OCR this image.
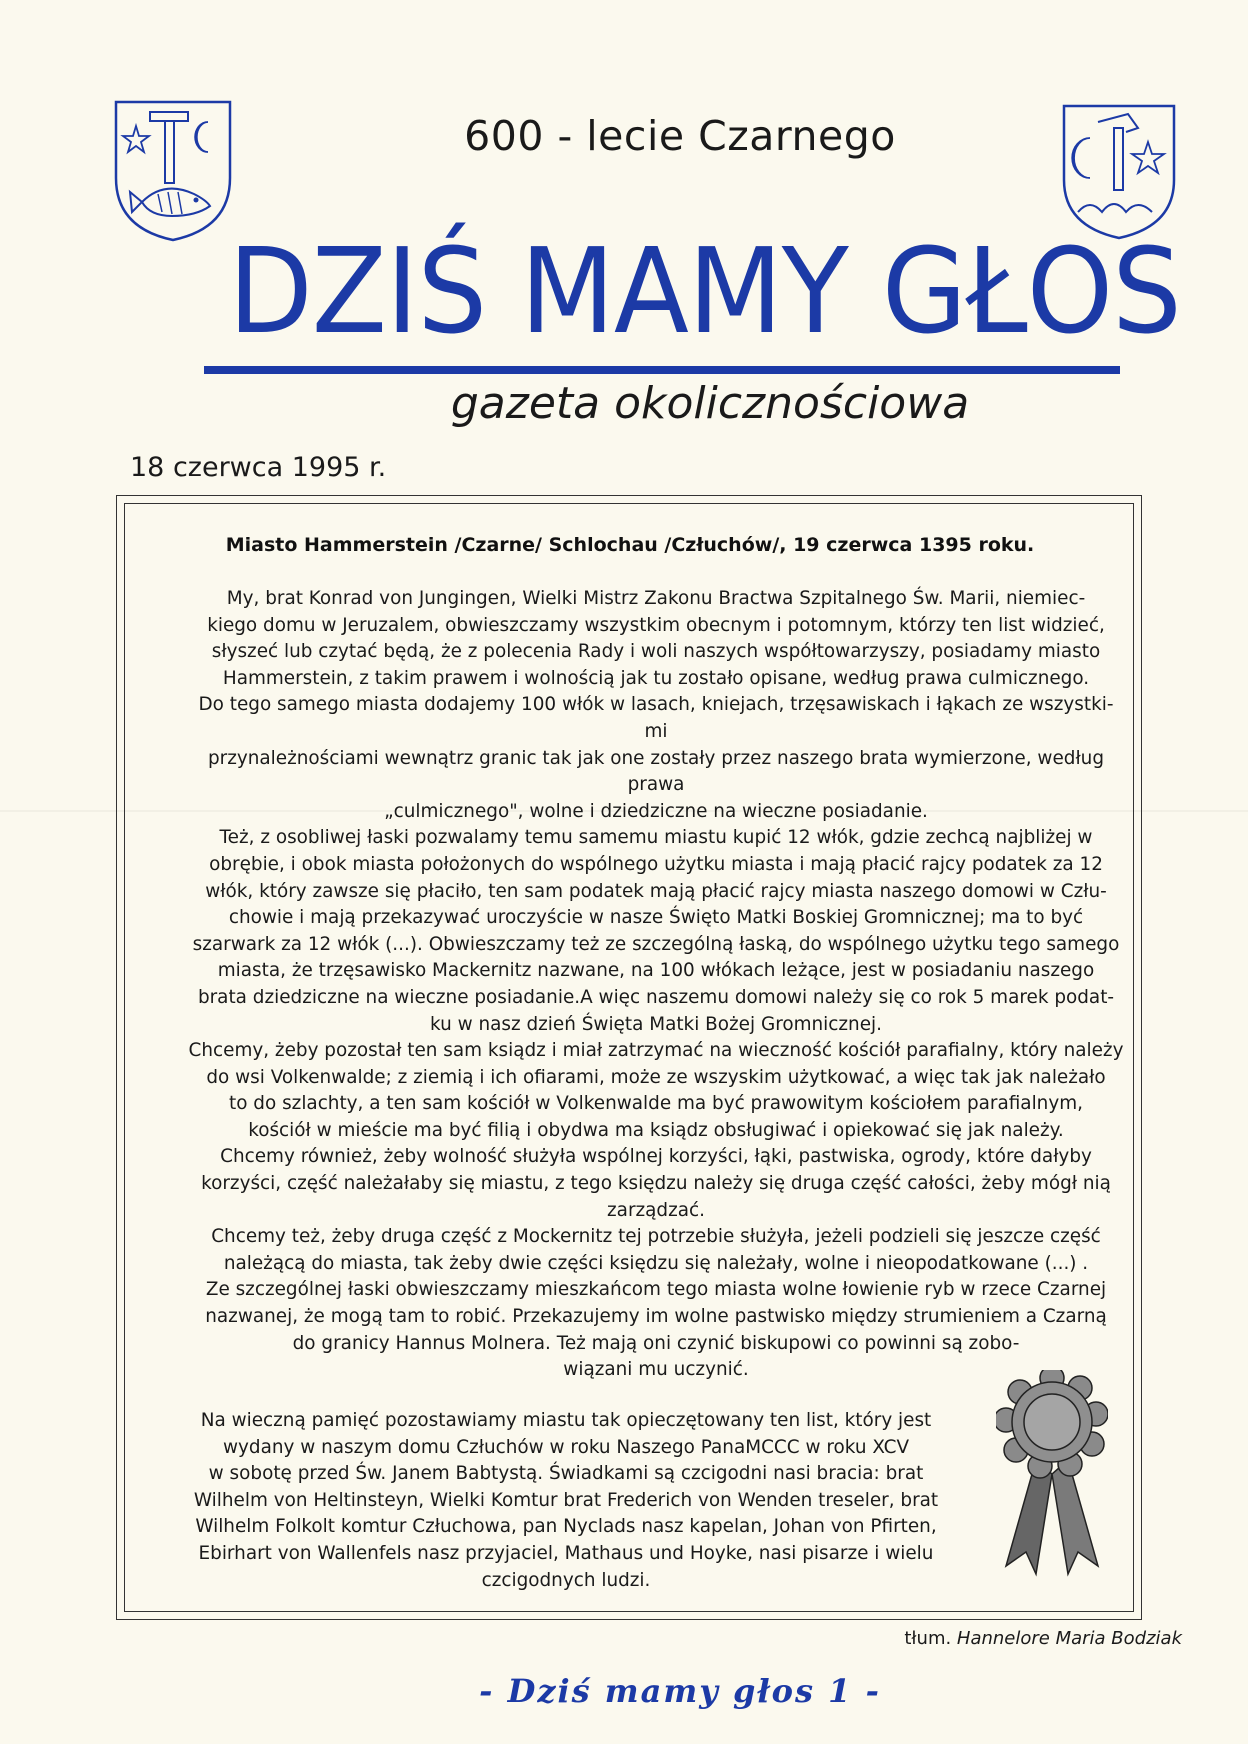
600 - lecie Czarnego
DZIŚ MAMY GŁOS
gazeta okolicznościowa
18 czerwca 1995 r.
Miasto Hammerstein /Czarne/ Schlochau /Człuchów/, 19 czerwca 1395 roku.
My, brat Konrad von Jungingen, Wielki Mistrz Zakonu Bractwa Szpitalnego Św. Marii, niemiec-
kiego domu w Jeruzalem, obwieszczamy wszystkim obecnym i potomnym, którzy ten list widzieć,
słyszeć lub czytać będą, że z polecenia Rady i woli naszych współtowarzyszy, posiadamy miasto
Hammerstein, z takim prawem i wolnością jak tu zostało opisane, według prawa culmicznego.
Do tego samego miasta dodajemy 100 włók w lasach, kniejach, trzęsawiskach i łąkach ze wszystki-
mi
przynależnościami wewnątrz granic tak jak one zostały przez naszego brata wymierzone, według
prawa
„culmicznego", wolne i dziedziczne na wieczne posiadanie.
Też, z osobliwej łaski pozwalamy temu samemu miastu kupić 12 włók, gdzie zechcą najbliżej w
obrębie, i obok miasta położonych do wspólnego użytku miasta i mają płacić rajcy podatek za 12
włók, który zawsze się płaciło, ten sam podatek mają płacić rajcy miasta naszego domowi w Człu-
chowie i mają przekazywać uroczyście w nasze Święto Matki Boskiej Gromnicznej; ma to być
szarwark za 12 włók (...). Obwieszczamy też ze szczególną łaską, do wspólnego użytku tego samego
miasta, że trzęsawisko Mackernitz nazwane, na 100 włókach leżące, jest w posiadaniu naszego
brata dziedziczne na wieczne posiadanie.A więc naszemu domowi należy się co rok 5 marek podat-
ku w nasz dzień Święta Matki Bożej Gromnicznej.
Chcemy, żeby pozostał ten sam ksiądz i miał zatrzymać na wieczność kościół parafialny, który należy
do wsi Volkenwalde; z ziemią i ich ofiarami, może ze wszyskim użytkować, a więc tak jak należało
to do szlachty, a ten sam kościół w Volkenwalde ma być prawowitym kościołem parafialnym,
kościół w mieście ma być filią i obydwa ma ksiądz obsługiwać i opiekować się jak należy.
Chcemy również, żeby wolność służyła wspólnej korzyści, łąki, pastwiska, ogrody, które dałyby
korzyści, część należałaby się miastu, z tego księdzu należy się druga część całości, żeby mógł nią
zarządzać.
Chcemy też, żeby druga część z Mockernitz tej potrzebie służyła, jeżeli podzieli się jeszcze część
należącą do miasta, tak żeby dwie części księdzu się należały, wolne i nieopodatkowane (...) .
Ze szczególnej łaski obwieszczamy mieszkańcom tego miasta wolne łowienie ryb w rzece Czarnej
nazwanej, że mogą tam to robić. Przekazujemy im wolne pastwisko między strumieniem a Czarną
do granicy Hannus Molnera. Też mają oni czynić biskupowi co powinni są zobo-
wiązani mu uczynić.
Na wieczną pamięć pozostawiamy miastu tak opieczętowany ten list, który jest
wydany w naszym domu Człuchów w roku Naszego PanaMCCC w roku XCV
w sobotę przed Św. Janem Babtystą. Świadkami są czcigodni nasi bracia: brat
Wilhelm von Heltinsteyn, Wielki Komtur brat Frederich von Wenden treseler, brat
Wilhelm Folkolt komtur Człuchowa, pan Nyclads nasz kapelan, Johan von Pfirten,
Ebirhart von Wallenfels nasz przyjaciel, Mathaus und Hoyke, nasi pisarze i wielu
czcigodnych ludzi.
tłum. Hannelore Maria Bodziak
- Dziś mamy głos 1 -
